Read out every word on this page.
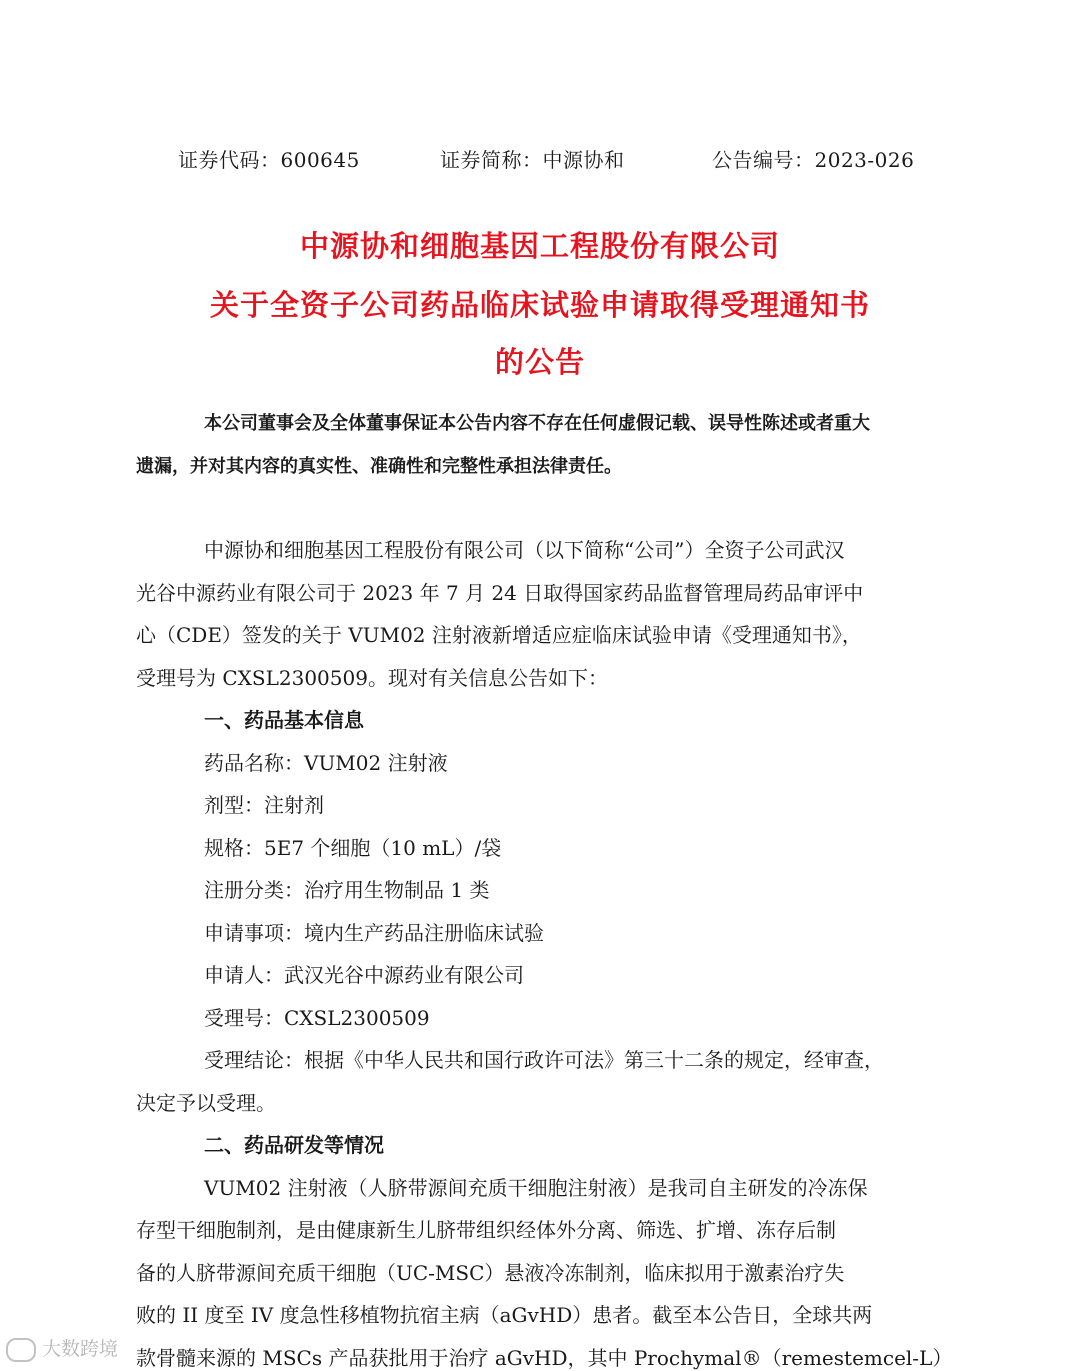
证券代码：600645	证券简称：中源协和	公告编号：2023-026
中源协和细胞基因工程股份有限公司
关于全资子公司药品临床试验申请取得受理通知书
的公告
本公司董事会及全体董事保证本公告内容不存在任何虚假记载、误导性陈述或者重大
遗漏，并对其内容的真实性、准确性和完整性承担法律责任。
中源协和细胞基因工程股份有限公司（以下简称“公司”）全资子公司武汉
光谷中源药业有限公司于 2023 年 7 月 24 日取得国家药品监督管理局药品审评中
心（CDE）签发的关于 VUM02 注射液新增适应症临床试验申请《受理通知书》，
受理号为 CXSL2300509。现对有关信息公告如下：
一、药品基本信息
药品名称：VUM02 注射液
剂型：注射剂
规格：5E7 个细胞（10 mL）/袋
注册分类：治疗用生物制品 1 类
申请事项：境内生产药品注册临床试验
申请人：武汉光谷中源药业有限公司
受理号：CXSL2300509
受理结论：根据《中华人民共和国行政许可法》第三十二条的规定，经审查，
决定予以受理。
二、药品研发等情况
VUM02 注射液（人脐带源间充质干细胞注射液）是我司自主研发的冷冻保
存型干细胞制剂，是由健康新生儿脐带组织经体外分离、筛选、扩增、冻存后制
备的人脐带源间充质干细胞（UC-MSC）悬液冷冻制剂，临床拟用于激素治疗失
败的 II 度至 IV 度急性移植物抗宿主病（aGvHD）患者。截至本公告日，全球共两
款骨髓来源的 MSCs 产品获批用于治疗 aGvHD，其中 Prochymal®（remestemcel-L）
大数跨境
